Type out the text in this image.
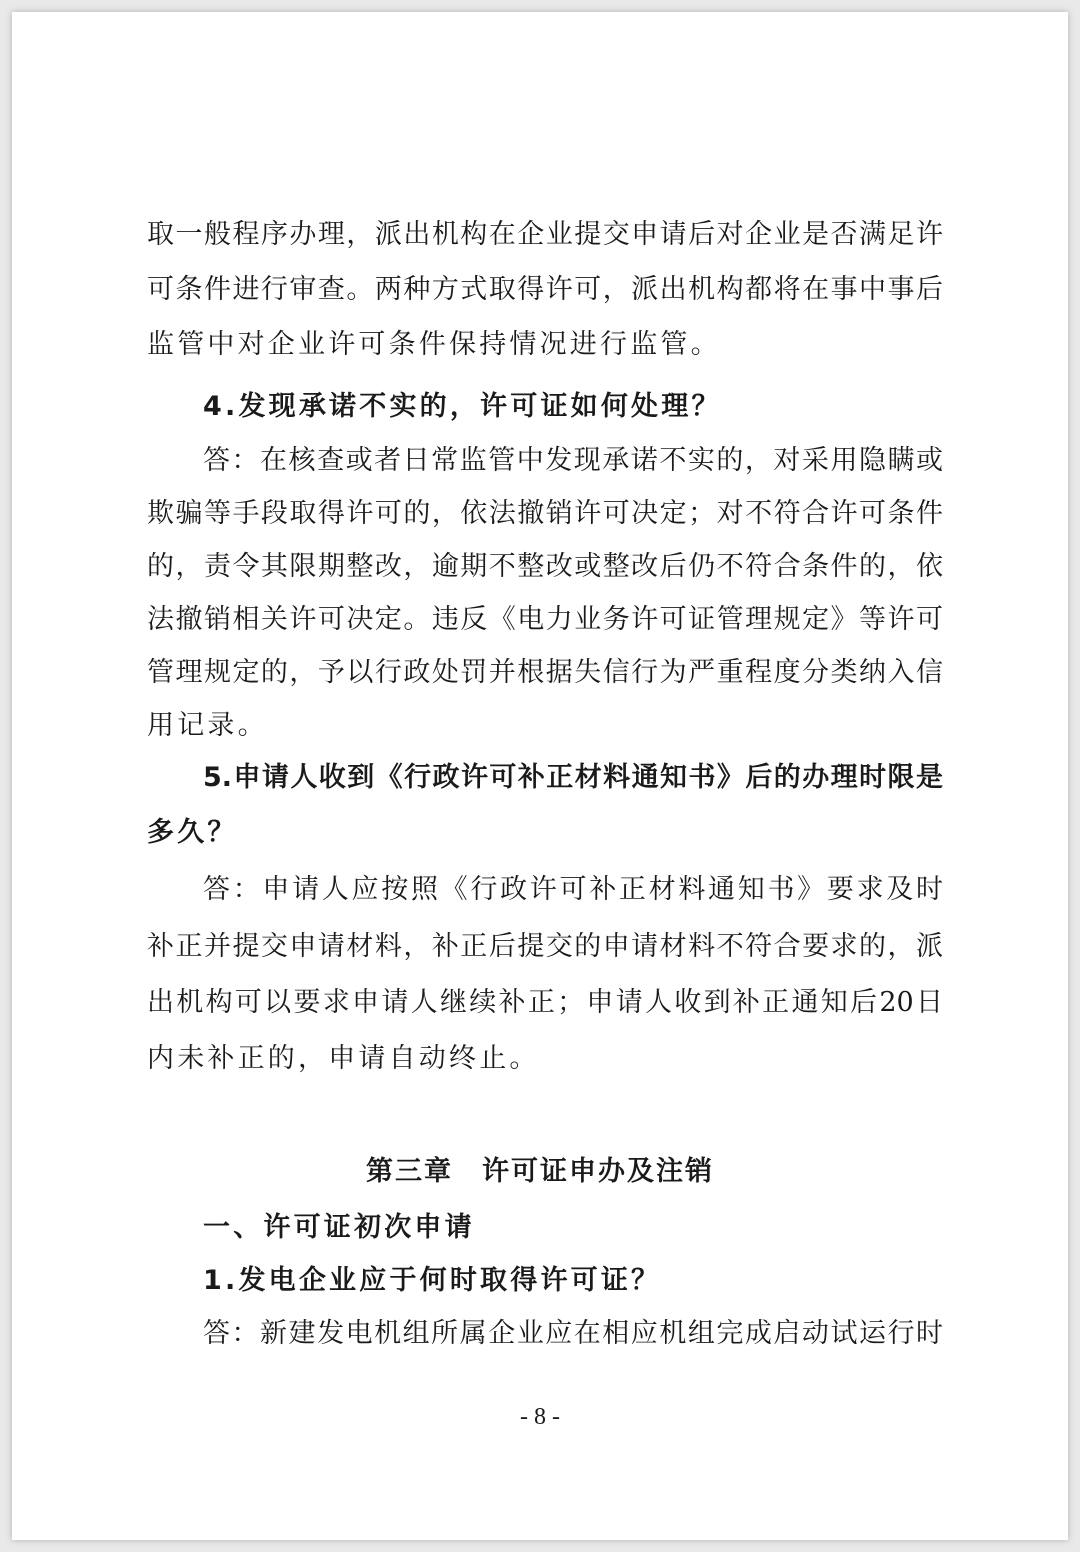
取一般程序办理，派出机构在企业提交申请后对企业是否满足许
可条件进行审查。两种方式取得许可，派出机构都将在事中事后
监管中对企业许可条件保持情况进行监管。
4.发现承诺不实的，许可证如何处理？
答：在核查或者日常监管中发现承诺不实的，对采用隐瞒或
欺骗等手段取得许可的，依法撤销许可决定；对不符合许可条件
的，责令其限期整改，逾期不整改或整改后仍不符合条件的，依
法撤销相关许可决定。违反《电力业务许可证管理规定》等许可
管理规定的，予以行政处罚并根据失信行为严重程度分类纳入信
用记录。
5.申请人收到《行政许可补正材料通知书》后的办理时限是
多久？
答：申请人应按照《行政许可补正材料通知书》要求及时
补正并提交申请材料，补正后提交的申请材料不符合要求的，派
出机构可以要求申请人继续补正；申请人收到补正通知后20日
内未补正的，申请自动终止。
第三章　许可证申办及注销
一、许可证初次申请
1.发电企业应于何时取得许可证？
答：新建发电机组所属企业应在相应机组完成启动试运行时
- 8 -
